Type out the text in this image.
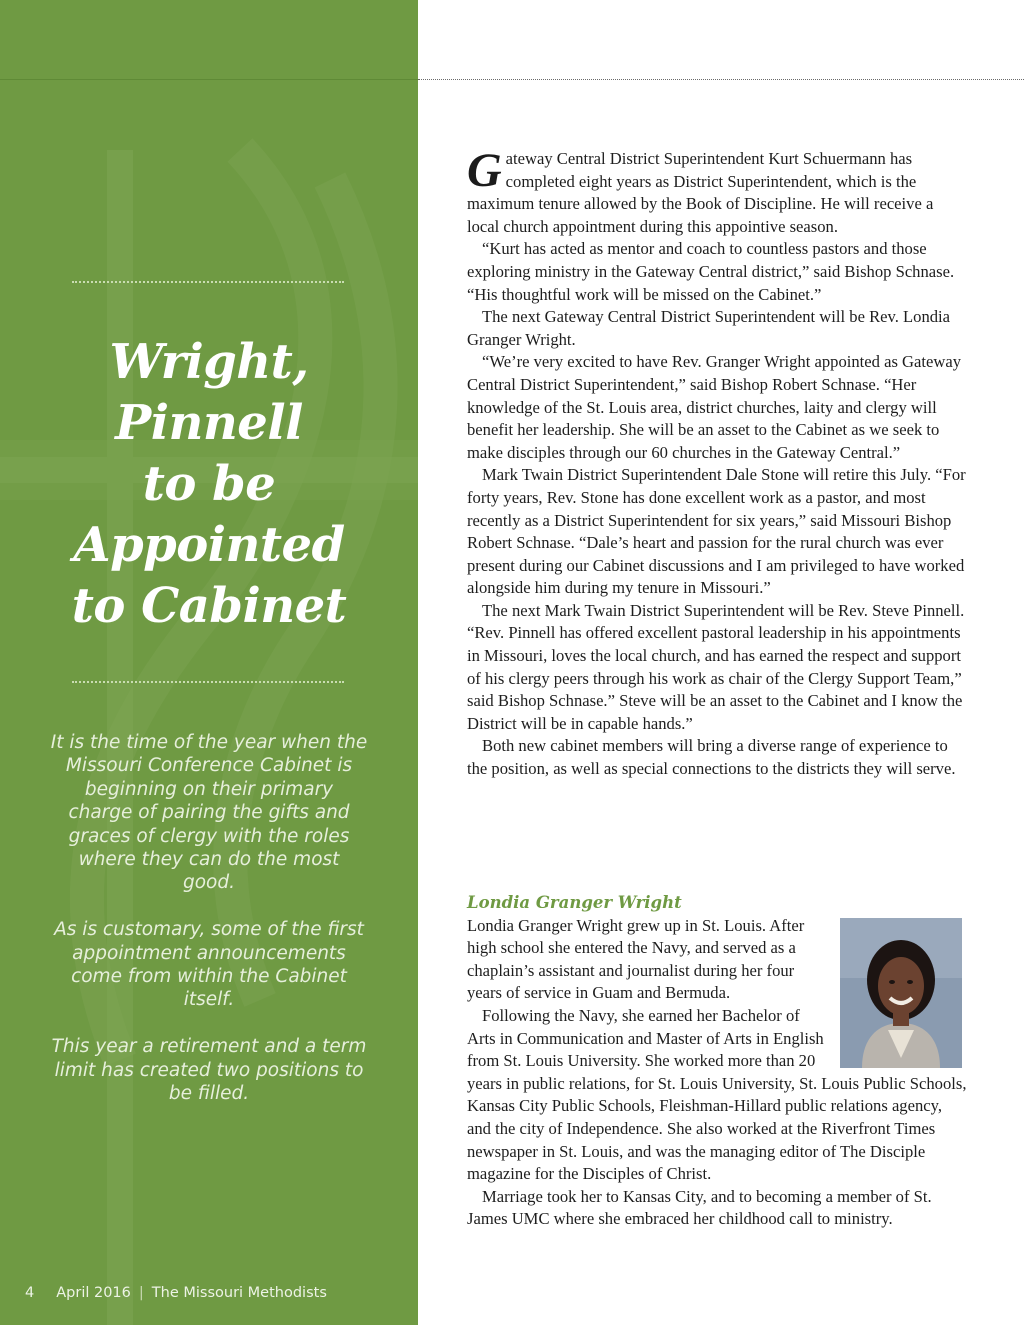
Wright,
Pinnell
to be
Appointed
to Cabinet

It is the time of the year when the Missouri Conference Cabinet is beginning on their primary charge of pairing the gifts and graces of clergy with the roles where they can do the most good.

As is customary, some of the first appointment announcements come from within the Cabinet itself.

This year a retirement and a term limit has created two positions to be filled.

4 April 2016 | The Missouri Methodists

Gateway Central District Superintendent Kurt Schuermann has completed eight years as District Superintendent, which is the maximum tenure allowed by the Book of Discipline. He will receive a local church appointment during this appointive season.

“Kurt has acted as mentor and coach to countless pastors and those exploring ministry in the Gateway Central district,” said Bishop Schnase. “His thoughtful work will be missed on the Cabinet.”

The next Gateway Central District Superintendent will be Rev. Londia Granger Wright.

“We’re very excited to have Rev. Granger Wright appointed as Gateway Central District Superintendent,” said Bishop Robert Schnase. “Her knowledge of the St. Louis area, district churches, laity and clergy will benefit her leadership. She will be an asset to the Cabinet as we seek to make disciples through our 60 churches in the Gateway Central.”

Mark Twain District Superintendent Dale Stone will retire this July. “For forty years, Rev. Stone has done excellent work as a pastor, and most recently as a District Superintendent for six years,” said Missouri Bishop Robert Schnase. “Dale’s heart and passion for the rural church was ever present during our Cabinet discussions and I am privileged to have worked alongside him during my tenure in Missouri.”

The next Mark Twain District Superintendent will be Rev. Steve Pinnell. “Rev. Pinnell has offered excellent pastoral leadership in his appointments in Missouri, loves the local church, and has earned the respect and support of his clergy peers through his work as chair of the Clergy Support Team,” said Bishop Schnase.” Steve will be an asset to the Cabinet and I know the District will be in capable hands.”

Both new cabinet members will bring a diverse range of experience to the position, as well as special connections to the districts they will serve.

Londia Granger Wright

Londia Granger Wright grew up in St. Louis. After high school she entered the Navy, and served as a chaplain’s assistant and journalist during her four years of service in Guam and Bermuda.

Following the Navy, she earned her Bachelor of Arts in Communication and Master of Arts in English from St. Louis University. She worked more than 20 years in public relations, for St. Louis University, St. Louis Public Schools, Kansas City Public Schools, Fleishman-Hillard public relations agency, and the city of Independence. She also worked at the Riverfront Times newspaper in St. Louis, and was the managing editor of The Disciple magazine for the Disciples of Christ.

Marriage took her to Kansas City, and to becoming a member of St. James UMC where she embraced her childhood call to ministry.
